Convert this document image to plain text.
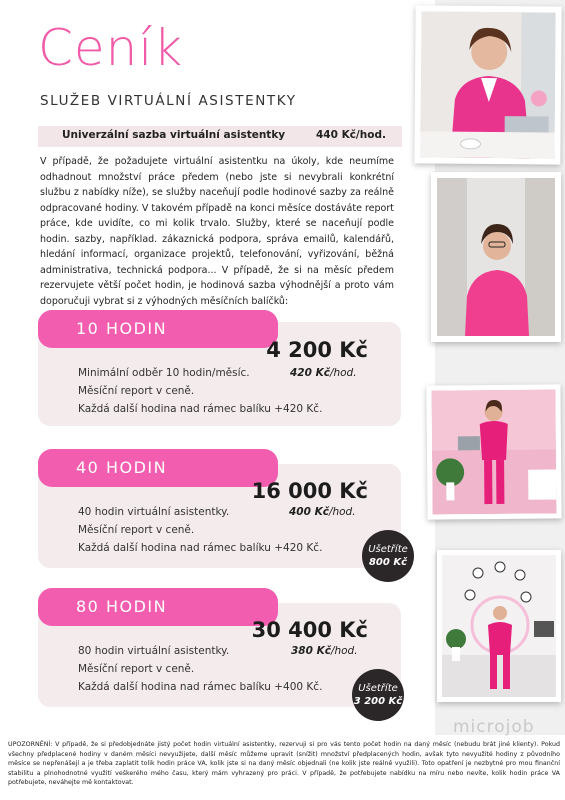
Ceník
SLUŽEB VIRTUÁLNÍ ASISTENTKY
Univerzální sazba virtuální asistentky	440 Kč/hod.

V případě, že požadujete virtuální asistentku na úkoly, kde neumíme odhadnout množství práce předem (nebo jste si nevybrali konkrétní službu z nabídky níže), se služby naceňují podle hodinové sazby za reálně odpracované hodiny. V takovém případě na konci měsíce dostáváte report práce, kde uvidíte, co mi kolik trvalo. Služby, které se naceňují podle hodin. sazby, například. zákaznická podpora, správa emailů, kalendářů, hledání informací, organizace projektů, telefonování, vyřizování, běžná administrativa, technická podpora... V případě, že si na měsíc předem rezervujete větší počet hodin, je hodinová sazba výhodnější a proto vám doporučuji vybrat si z výhodných měsíčních balíčků:

10 HODIN
4 200 Kč
Minimální odběr 10 hodin/měsíc.	420 Kč/hod.
Měsíční report v ceně.
Každá další hodina nad rámec balíku +420 Kč.
40 HODIN
16 000 Kč
40 hodin virtuální asistentky.	400 Kč/hod.
Měsíční report v ceně.
Každá další hodina nad rámec balíku +420 Kč.	Ušetříte
800 Kč
80 HODIN
30 400 Kč
80 hodin virtuální asistentky.	380 Kč/hod.
Měsíční report v ceně.
Každá další hodina nad rámec balíku +400 Kč.	Ušetříte
3 200 Kč
microjob

UPOZORNĚNÍ: V případě, že si předobjednáte jistý počet hodin virtuální asistentky, rezervuji si pro vás tento počet hodin na daný měsíc (nebudu brát jiné klienty). Pokud všechny předplacené hodiny v daném měsíci nevyužijete, další měsíc můžeme upravit (snížit) množství předplacených hodin, avšak tyto nevyužité hodiny z původního měsíce se nepřenášejí a je třeba zaplatit tolik hodin práce VA, kolik jste si na daný měsíc objednali (ne kolik jste reálně využili). Toto opatření je nezbytné pro mou finanční stabilitu a plnohodnotné využití veškerého mého času, který mám vyhrazený pro práci. V případě, že potřebujete nabídku na míru nebo nevíte, kolik hodin práce VA potřebujete, neváhejte mě kontaktovat.
